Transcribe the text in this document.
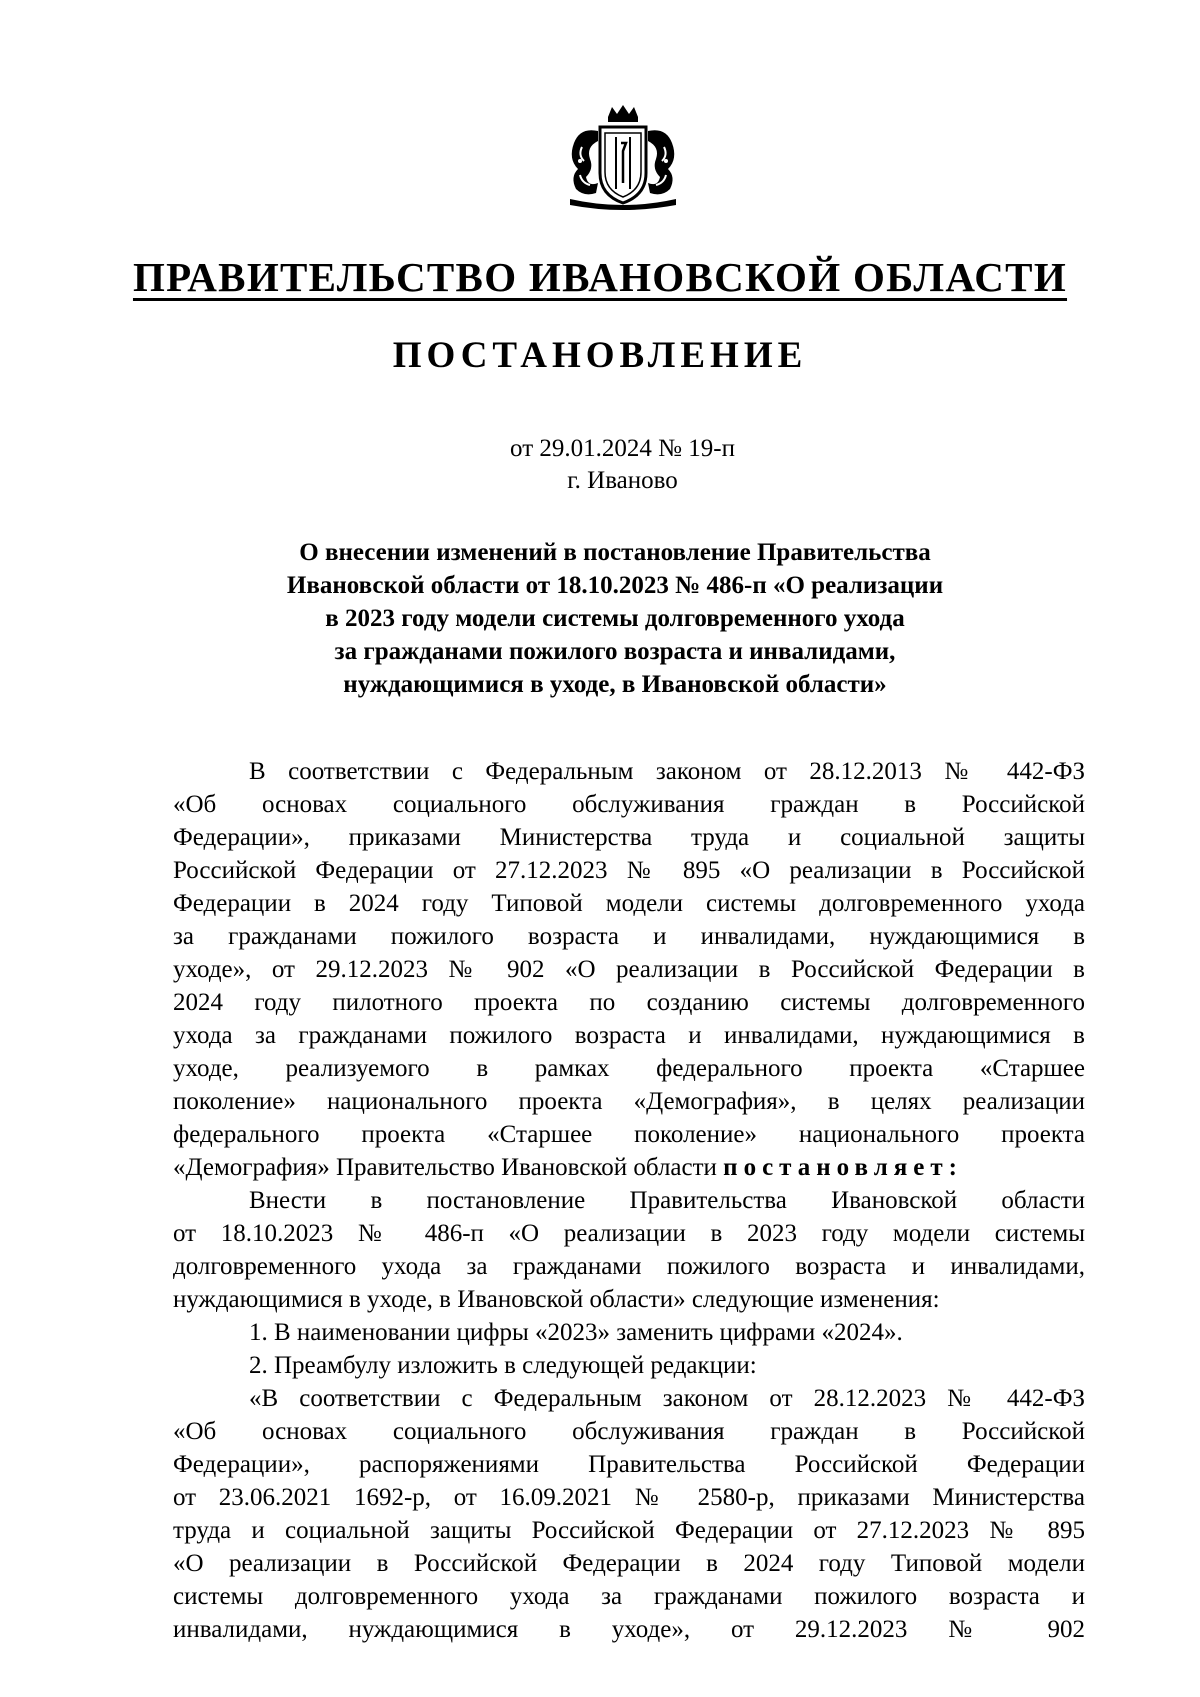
ПРАВИТЕЛЬСТВО ИВАНОВСКОЙ ОБЛАСТИ
ПОСТАНОВЛЕНИЕ
от 29.01.2024 № 19-п
г. Иваново
О внесении изменений в постановление Правительства
Ивановской области от 18.10.2023 № 486-п «О реализации
в 2023 году модели системы долговременного ухода
за гражданами пожилого возраста и инвалидами,
нуждающимися в уходе, в Ивановской области»
В соответствии с Федеральным законом от 28.12.2013 № 442-ФЗ
«Об основах социального обслуживания граждан в Российской
Федерации», приказами Министерства труда и социальной защиты
Российской Федерации от 27.12.2023 № 895 «О реализации в Российской
Федерации в 2024 году Типовой модели системы долговременного ухода
за гражданами пожилого возраста и инвалидами, нуждающимися в
уходе», от 29.12.2023 № 902 «О реализации в Российской Федерации в
2024 году пилотного проекта по созданию системы долговременного
ухода за гражданами пожилого возраста и инвалидами, нуждающимися в
уходе, реализуемого в рамках федерального проекта «Старшее
поколение» национального проекта «Демография», в целях реализации
федерального проекта «Старшее поколение» национального проекта
«Демография» Правительство Ивановской области постановляет:
Внести в постановление Правительства Ивановской области
от 18.10.2023 № 486-п «О реализации в 2023 году модели системы
долговременного ухода за гражданами пожилого возраста и инвалидами,
нуждающимися в уходе, в Ивановской области» следующие изменения:
1. В наименовании цифры «2023» заменить цифрами «2024».
2. Преамбулу изложить в следующей редакции:
«В соответствии с Федеральным законом от 28.12.2023 № 442-ФЗ
«Об основах социального обслуживания граждан в Российской
Федерации», распоряжениями Правительства Российской Федерации
от 23.06.2021 1692-р, от 16.09.2021 № 2580-р, приказами Министерства
труда и социальной защиты Российской Федерации от 27.12.2023 № 895
«О реализации в Российской Федерации в 2024 году Типовой модели
системы долговременного ухода за гражданами пожилого возраста и
инвалидами, нуждающимися в уходе», от 29.12.2023 № 902
